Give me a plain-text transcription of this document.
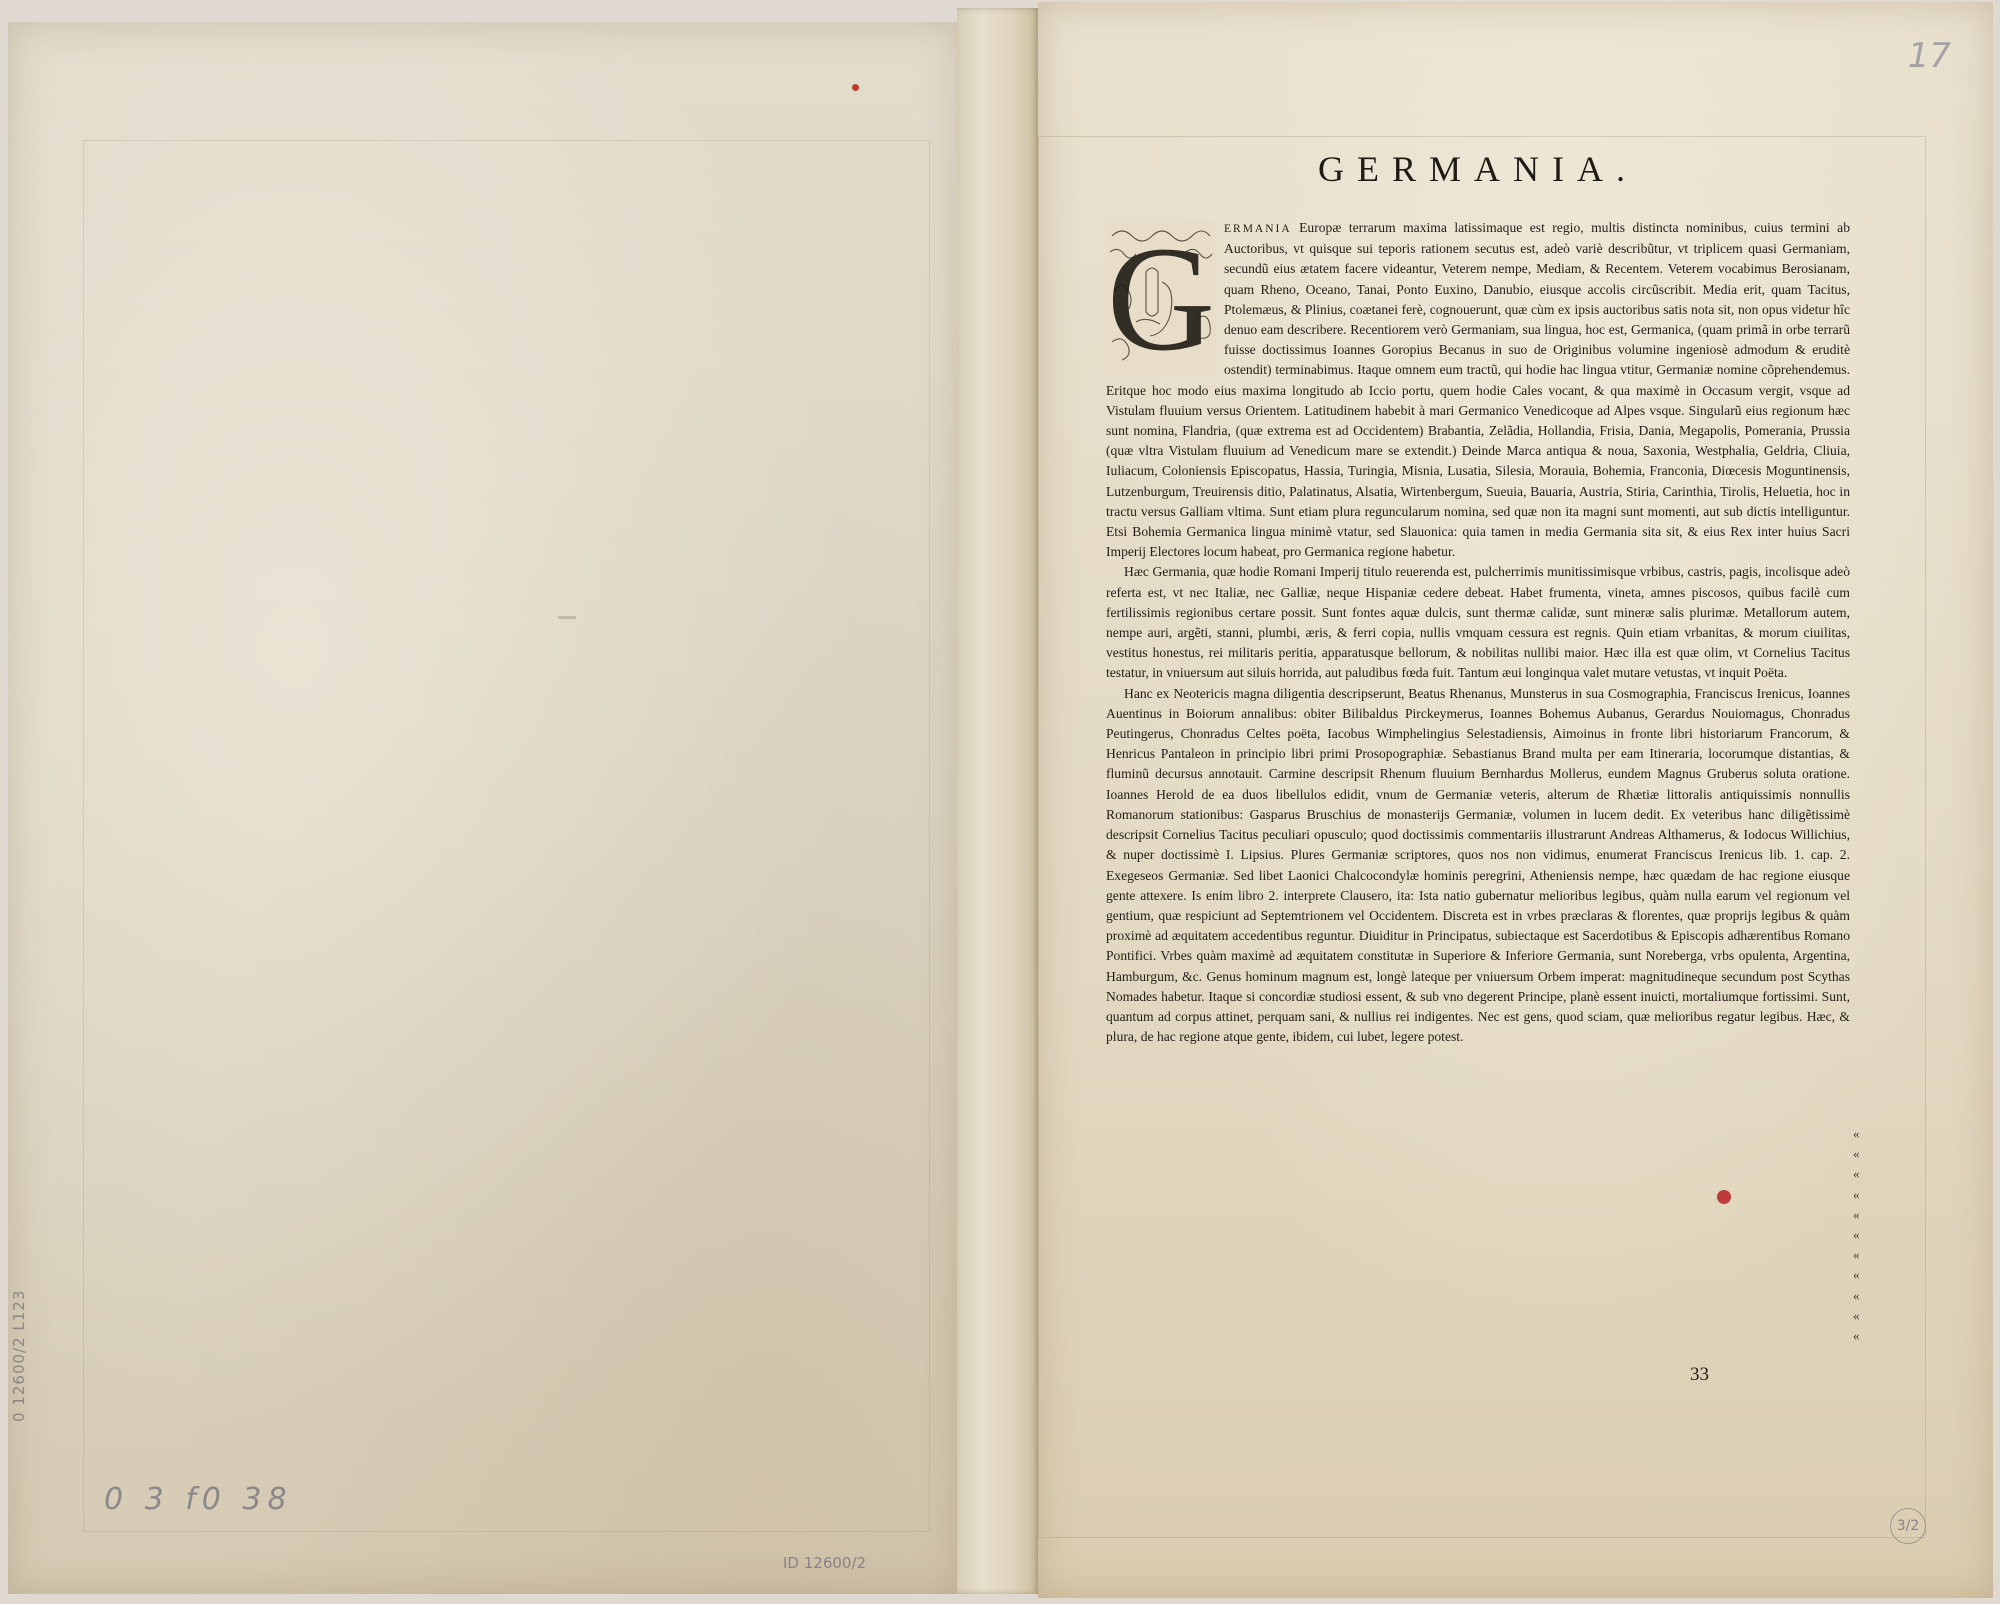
0 12600/2 L123
0 3 f0 38
ID 12600/2
17
GERMANIA.
G ERMANIA Europæ terrarum maxima latissimaque est regio, multis distincta nominibus, cuius termini ab Auctoribus, vt quisque sui teporis rationem secutus est, adeò variè describũtur, vt triplicem quasi Germaniam, secundũ eius ætatem facere videantur, Veterem nempe, Mediam, & Recentem. Veterem vocabimus Berosianam, quam Rheno, Oceano, Tanai, Ponto Euxino, Danubio, eiusque accolis circũscribit. Media erit, quam Tacitus, Ptolemæus, & Plinius, coætanei ferè, cognouerunt, quæ cùm ex ipsis auctoribus satis nota sit, non opus videtur hîc denuo eam describere. Recentiorem verò Germaniam, sua lingua, hoc est, Germanica, (quam primã in orbe terrarũ fuisse doctissimus Ioannes Goropius Becanus in suo de Originibus volumine ingeniosè admodum & eruditè ostendit) terminabimus. Itaque omnem eum tractũ, qui hodie hac lingua vtitur, Germaniæ nomine cõprehendemus. Eritque hoc modo eius maxima longitudo ab Iccio portu, quem hodie Cales vocant, & qua maximè in Occasum vergit, vsque ad Vistulam fluuium versus Orientem. Latitudinem habebit à mari Germanico Venedicoque ad Alpes vsque. Singularũ eius regionum hæc sunt nomina, Flandria, (quæ extrema est ad Occidentem) Brabantia, Zelãdia, Hollandia, Frisia, Dania, Megapolis, Pomerania, Prussia (quæ vltra Vistulam fluuium ad Venedicum mare se extendit.) Deinde Marca antiqua & noua, Saxonia, Westphalia, Geldria, Cliuia, Iuliacum, Coloniensis Episcopatus, Hassia, Turingia, Misnia, Lusatia, Silesia, Morauia, Bohemia, Franconia, Diœcesis Moguntinensis, Lutzenburgum, Treuirensis ditio, Palatinatus, Alsatia, Wirtenbergum, Sueuia, Bauaria, Austria, Stiria, Carinthia, Tirolis, Heluetia, hoc in tractu versus Galliam vltima. Sunt etiam plura reguncularum nomina, sed quæ non ita magni sunt momenti, aut sub dictis intelliguntur. Etsi Bohemia Germanica lingua minimè vtatur, sed Slauonica: quia tamen in media Germania sita sit, & eius Rex inter huius Sacri Imperij Electores locum habeat, pro Germanica regione habetur.

Hæc Germania, quæ hodie Romani Imperij titulo reuerenda est, pulcherrimis munitissimisque vrbibus, castris, pagis, incolisque adeò referta est, vt nec Italiæ, nec Galliæ, neque Hispaniæ cedere debeat. Habet frumenta, vineta, amnes piscosos, quibus facilè cum fertilissimis regionibus certare possit. Sunt fontes aquæ dulcis, sunt thermæ calidæ, sunt mineræ salis plurimæ. Metallorum autem, nempe auri, argẽti, stanni, plumbi, æris, & ferri copia, nullis vmquam cessura est regnis. Quin etiam vrbanitas, & morum ciuilitas, vestitus honestus, rei militaris peritia, apparatusque bellorum, & nobilitas nullibi maior. Hæc illa est quæ olim, vt Cornelius Tacitus testatur, in vniuersum aut siluis horrida, aut paludibus fœda fuit. Tantum æui longinqua valet mutare vetustas, vt inquit Poëta.

Hanc ex Neotericis magna diligentia descripserunt, Beatus Rhenanus, Munsterus in sua Cosmographia, Franciscus Irenicus, Ioannes Auentinus in Boiorum annalibus: obiter Bilibaldus Pirckeymerus, Ioannes Bohemus Aubanus, Gerardus Nouiomagus, Chonradus Peutingerus, Chonradus Celtes poëta, Iacobus Wimphelingius Selestadiensis, Aimoinus in fronte libri historiarum Francorum, & Henricus Pantaleon in principio libri primi Prosopographiæ. Sebastianus Brand multa per eam Itineraria, locorumque distantias, & fluminũ decursus annotauit. Carmine descripsit Rhenum fluuium Bernhardus Mollerus, eundem Magnus Gruberus soluta oratione. Ioannes Herold de ea duos libellulos edidit, vnum de Germaniæ veteris, alterum de Rhætiæ littoralis antiquissimis nonnullis Romanorum stationibus: Gasparus Bruschius de monasterijs Germaniæ, volumen in lucem dedit. Ex veteribus hanc diligẽtissimè descripsit Cornelius Tacitus peculiari opusculo; quod doctissimis commentariis illustrarunt Andreas Althamerus, & Iodocus Willichius, & nuper doctissimè I. Lipsius. Plures Germaniæ scriptores, quos nos non vidimus, enumerat Franciscus Irenicus lib. 1. cap. 2. Exegeseos Germaniæ. Sed libet Laonici Chalcocondylæ hominis peregrini, Atheniensis nempe, hæc quædam de hac regione eiusque gente attexere. Is enim libro 2. interprete Clausero, ita: Ista natio gubernatur melioribus legibus, quàm nulla earum vel regionum vel gentium, quæ respiciunt ad Septemtrionem vel Occidentem. Discreta est in vrbes præclaras & florentes, quæ proprijs legibus & quàm proximè ad æquitatem accedentibus reguntur. Diuiditur in Principatus, subiectaque est Sacerdotibus & Episcopis adhærentibus Romano Pontifici. Vrbes quàm maximè ad æquitatem constitutæ in Superiore & Inferiore Germania, sunt Noreberga, vrbs opulenta, Argentina, Hamburgum, &c. Genus hominum magnum est, longè lateque per vniuersum Orbem imperat: magnitudineque secundum post Scythas Nomades habetur. Itaque si concordiæ studiosi essent, & sub vno degerent Principe, planè essent inuicti, mortaliumque fortissimi. Sunt, quantum ad corpus attinet, perquam sani, & nullius rei indigentes. Nec est gens, quod sciam, quæ melioribus regatur legibus. Hæc, & plura, de hac regione atque gente, ibidem, cui lubet, legere potest.

«
«
«
«
«
«
«
«
«
«
«
33
3/2
